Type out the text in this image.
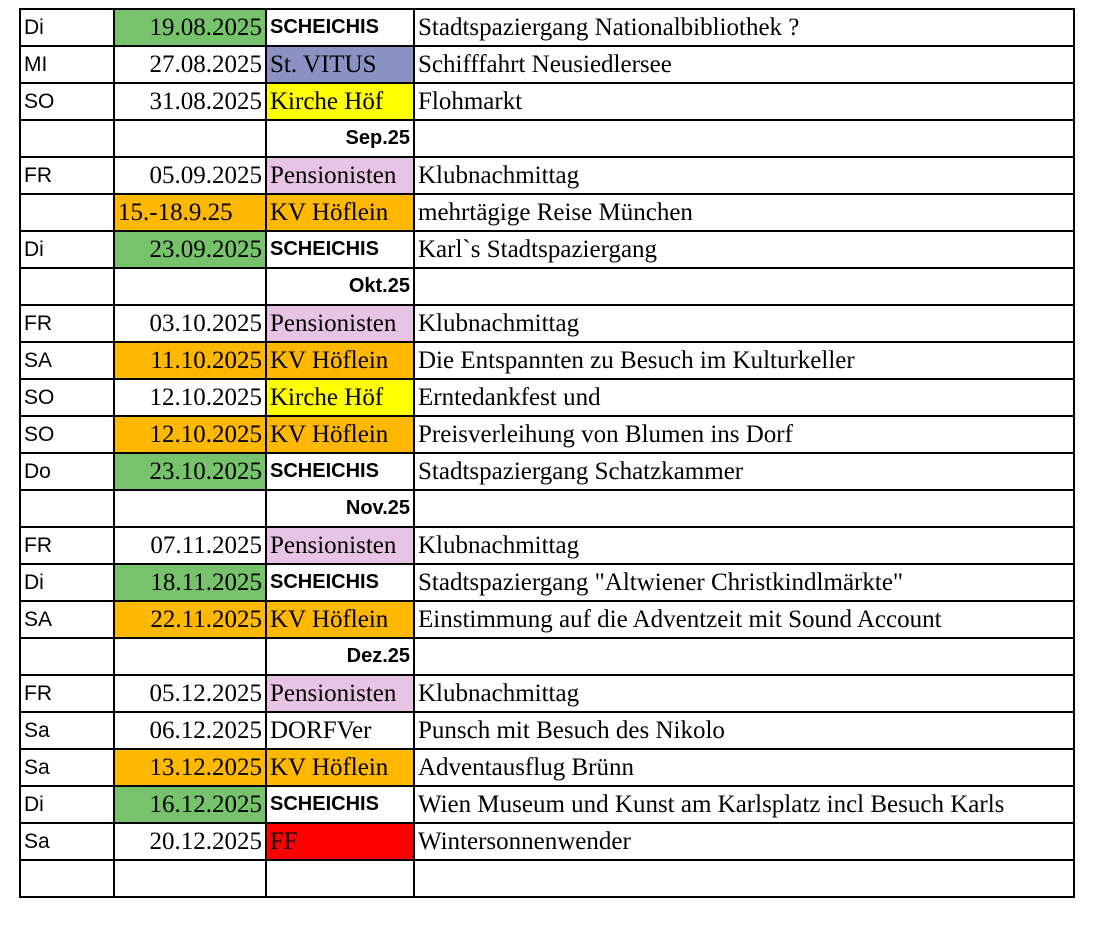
Di	19.08.2025	SCHEICHIS	Stadtspaziergang Nationalbibliothek ?
MI	27.08.2025	St. VITUS	Schifffahrt Neusiedlersee
SO	31.08.2025	Kirche Höf	Flohmarkt
		Sep.25	
FR	05.09.2025	Pensionisten	Klubnachmittag
	15.-18.9.25	KV Höflein	mehrtägige Reise München
Di	23.09.2025	SCHEICHIS	Karl`s Stadtspaziergang
		Okt.25	
FR	03.10.2025	Pensionisten	Klubnachmittag
SA	11.10.2025	KV Höflein	Die Entspannten zu Besuch im Kulturkeller
SO	12.10.2025	Kirche Höf	Erntedankfest und
SO	12.10.2025	KV Höflein	Preisverleihung von Blumen ins Dorf
Do	23.10.2025	SCHEICHIS	Stadtspaziergang Schatzkammer
		Nov.25	
FR	07.11.2025	Pensionisten	Klubnachmittag
Di	18.11.2025	SCHEICHIS	Stadtspaziergang "Altwiener Christkindlmärkte"
SA	22.11.2025	KV Höflein	Einstimmung auf die Adventzeit mit Sound Account
		Dez.25	
FR	05.12.2025	Pensionisten	Klubnachmittag
Sa	06.12.2025	DORFVer	Punsch mit Besuch des Nikolo
Sa	13.12.2025	KV Höflein	Adventausflug Brünn
Di	16.12.2025	SCHEICHIS	Wien Museum und Kunst am Karlsplatz incl Besuch Karls
Sa	20.12.2025	FF	Wintersonnenwender
